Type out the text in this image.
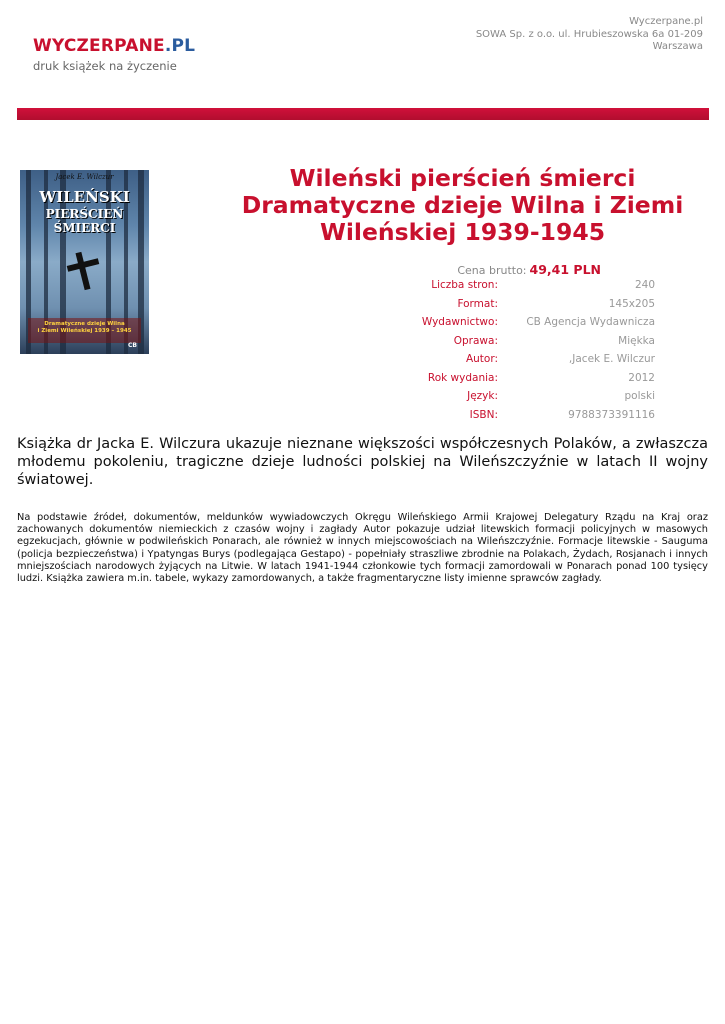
WYCZERPANE.PL
druk książek na życzenie
Wyczerpane.pl
SOWA Sp. z o.o. ul. Hrubieszowska 6a 01-209
Warszawa
Jacek E. Wilczur
WILEŃSKI
PIERŚCIEŃ ŚMIERCI
Dramatyczne dzieje Wilna
i Ziemi Wileńskiej 1939 – 1945
CB
Wileński pierścień śmierci
Dramatyczne dzieje Wilna i Ziemi
Wileńskiej 1939-1945
Cena brutto: 49,41 PLN
Liczba stron:	240
Format:	145x205
Wydawnictwo:	CB Agencja Wydawnicza
Oprawa:	Miękka
Autor:	,Jacek E. Wilczur
Rok wydania:	2012
Język:	polski
ISBN:	9788373391116
Książka dr Jacka E. Wilczura ukazuje nieznane większości współczesnych Polaków, a zwłaszcza młodemu pokoleniu, tragiczne dzieje ludności polskiej na Wileńszczyźnie w latach II wojny światowej.
Na podstawie źródeł, dokumentów, meldunków wywiadowczych Okręgu Wileńskiego Armii Krajowej Delegatury Rządu na Kraj oraz zachowanych dokumentów niemieckich z czasów wojny i zagłady Autor pokazuje udział litewskich formacji policyjnych w masowych egzekucjach, głównie w podwileńskich Ponarach, ale również w innych miejscowościach na Wileńszczyźnie. Formacje litewskie - Sauguma (policja bezpieczeństwa) i Ypatyngas Burys (podlegająca Gestapo) - popełniały straszliwe zbrodnie na Polakach, Żydach, Rosjanach i innych mniejszościach narodowych żyjących na Litwie. W latach 1941-1944 członkowie tych formacji zamordowali w Ponarach ponad 100 tysięcy ludzi. Książka zawiera m.in. tabele, wykazy zamordowanych, a także fragmentaryczne listy imienne sprawców zagłady.
